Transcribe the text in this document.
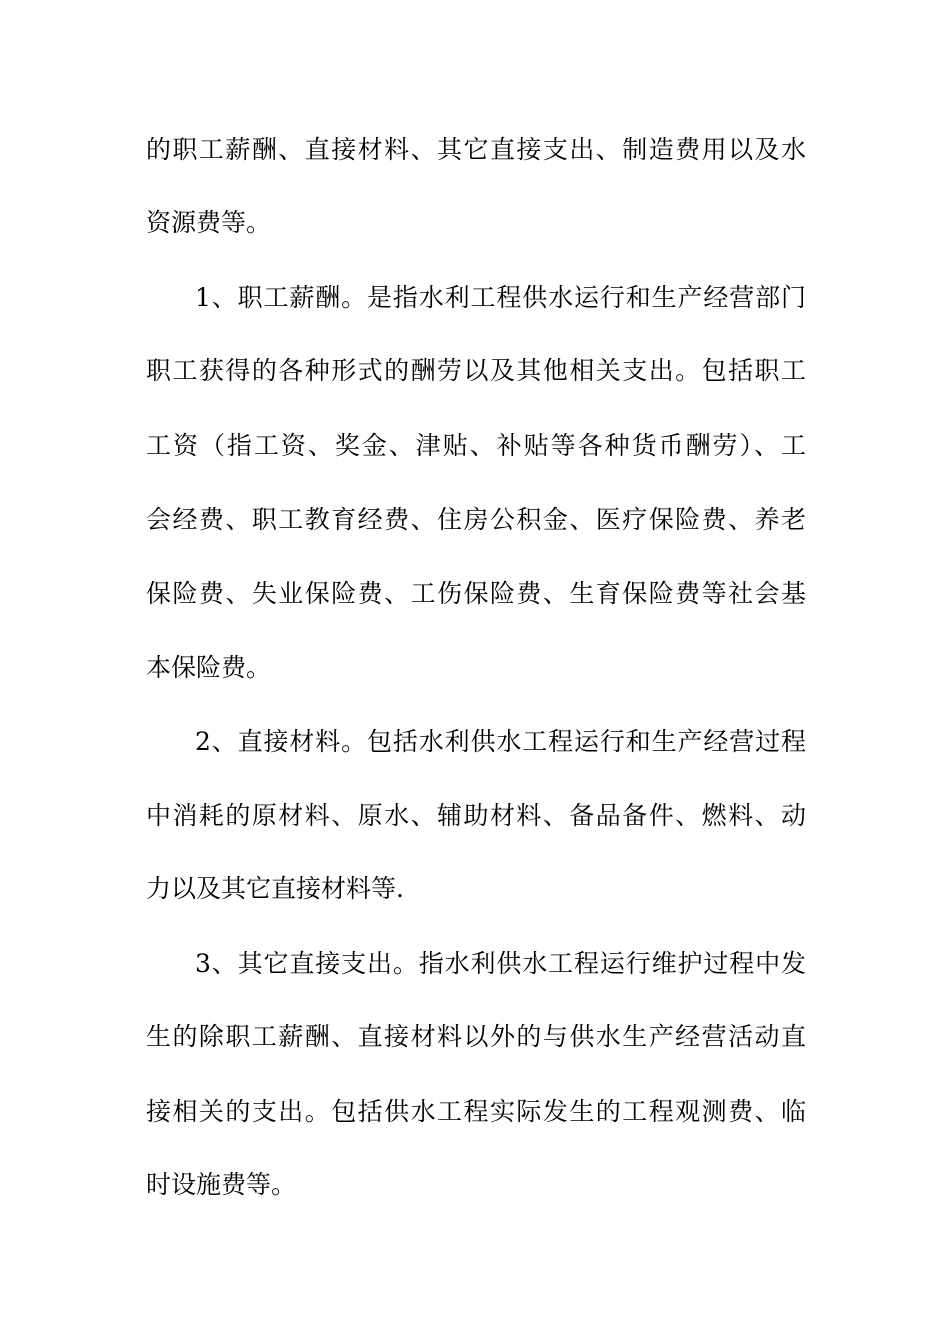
的职工薪酬、直接材料、其它直接支出、制造费用以及水
资源费等。
1、职工薪酬。是指水利工程供水运行和生产经营部门
职工获得的各种形式的酬劳以及其他相关支出。包括职工
工资（指工资、奖金、津贴、补贴等各种货币酬劳）、工
会经费、职工教育经费、住房公积金、医疗保险费、养老
保险费、失业保险费、工伤保险费、生育保险费等社会基
本保险费。
2、直接材料。包括水利供水工程运行和生产经营过程
中消耗的原材料、原水、辅助材料、备品备件、燃料、动
力以及其它直接材料等.
3、其它直接支出。指水利供水工程运行维护过程中发
生的除职工薪酬、直接材料以外的与供水生产经营活动直
接相关的支出。包括供水工程实际发生的工程观测费、临
时设施费等。
